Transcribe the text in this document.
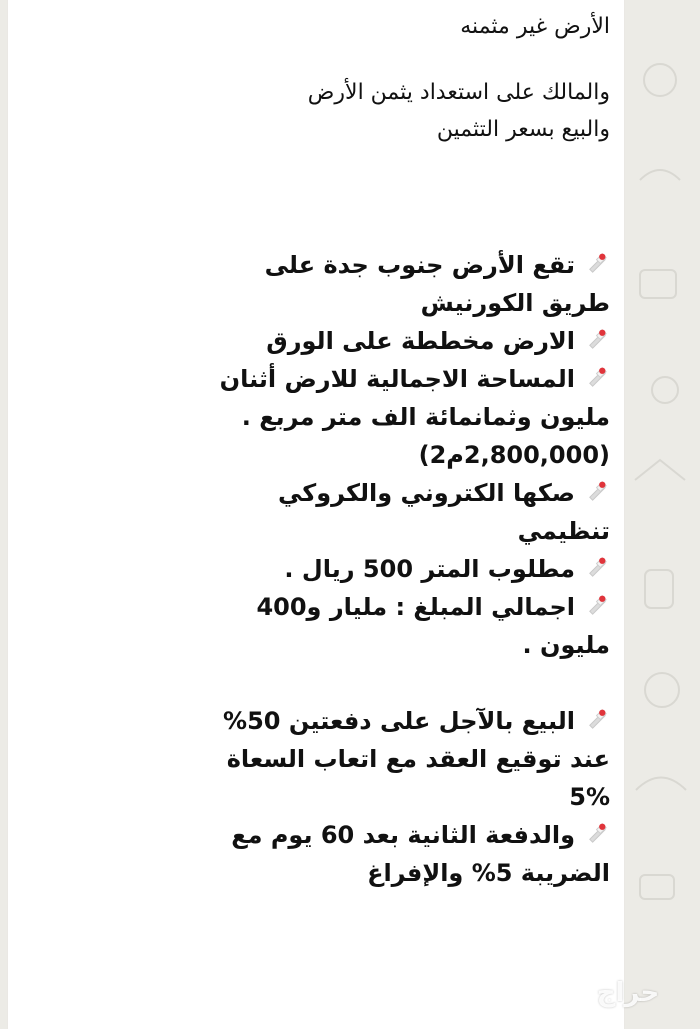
الأرض غير مثمنه

والمالك على استعداد يثمن الأرض

والبيع بسعر التثمين

تقع الأرض جنوب جدة على

طريق الكورنيش

الارض مخططة على الورق

المساحة الاجمالية للارض أثنان

مليون وثمانمائة الف متر مربع .

(2,800,000م2)

صكها الكتروني والكروكي

تنظيمي

مطلوب المتر 500 ريال .

اجمالي المبلغ : مليار و400

مليون .

البيع بالآجل على دفعتين 50%

عند توقيع العقد مع اتعاب السعاة

5%

والدفعة الثانية بعد 60 يوم مع

الضريبة 5% والإفراغ

حراج
